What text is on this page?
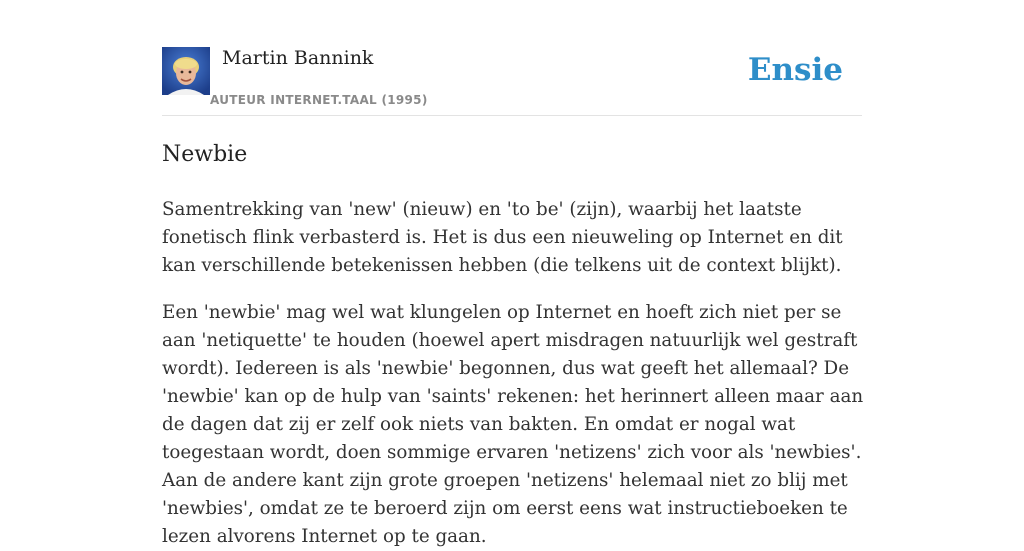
Martin Bannink
AUTEUR INTERNET.TAAL (1995)
Ensie
Newbie

Samentrekking van 'new' (nieuw) en 'to be' (zijn), waarbij het laatste fonetisch flink verbasterd is. Het is dus een nieuweling op Internet en dit kan verschillende betekenissen hebben (die telkens uit de context blijkt).

Een 'newbie' mag wel wat klungelen op Internet en hoeft zich niet per se aan 'netiquette' te houden (hoewel apert misdragen natuurlijk wel gestraft wordt). Iedereen is als 'newbie' begonnen, dus wat geeft het allemaal? De 'newbie' kan op de hulp van 'saints' rekenen: het herinnert alleen maar aan de dagen dat zij er zelf ook niets van bakten. En omdat er nogal wat toegestaan wordt, doen sommige ervaren 'netizens' zich voor als 'newbies'. Aan de andere kant zijn grote groepen 'netizens' helemaal niet zo blij met 'newbies', omdat ze te beroerd zijn om eerst eens wat instructieboeken te lezen alvorens Internet op te gaan.
